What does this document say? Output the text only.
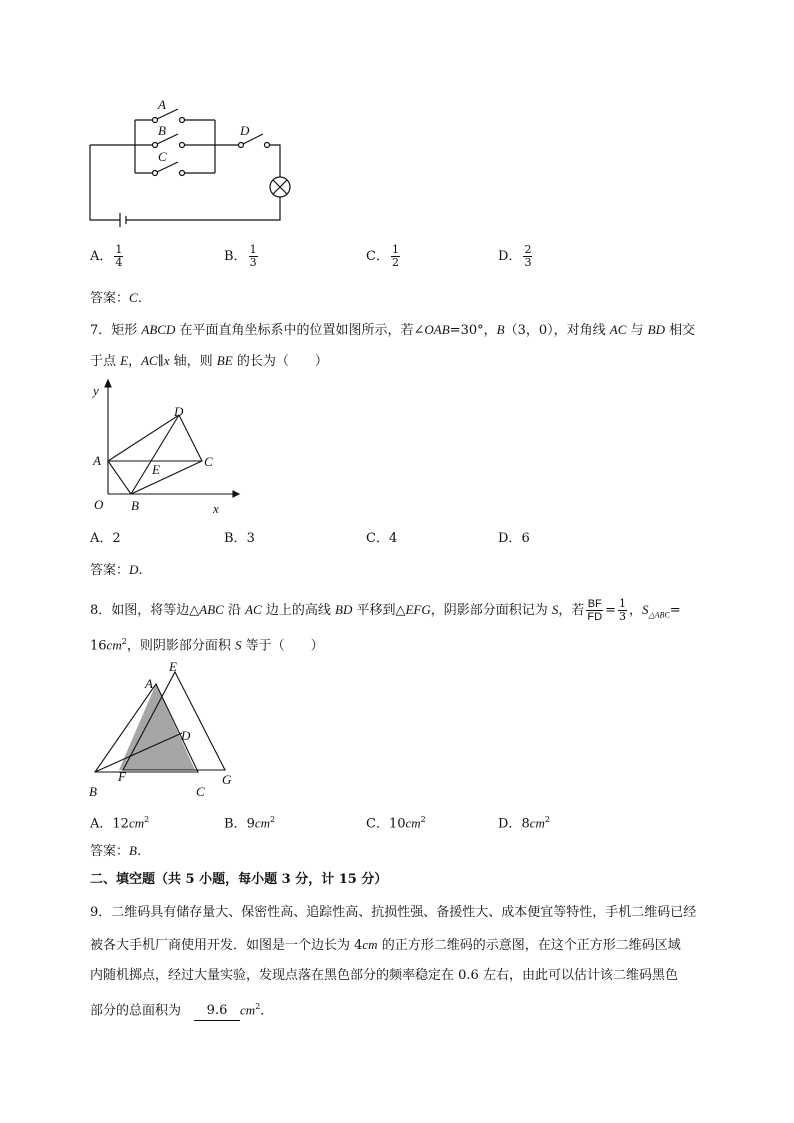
A
B
C
D
A． $\frac{1}{4}$	B． $\frac{1}{3}$	C． $\frac{1}{2}$	D． $\frac{2}{3}$
答案：C．
7．矩形 ABCD 在平面直角坐标系中的位置如图所示，若∠OAB=30°，B（3，0），对角线 AC 与 BD 相交
于点 E，AC∥x 轴，则 BE 的长为（　　）
y
x
O
A
B
C
D
E
A．2	B．3	C．4	D．6
答案：D．
8．如图，将等边△ABC 沿 AC 边上的高线 BD 平移到△EFG，阴影部分面积记为 S，若 $\frac{BF}{FD} = \frac{1}{3}$ ，$S_{\triangle ABC}=$
$16cm^2$，则阴影部分面积 S 等于（　　）
A
E
D
F
B	C
G
A．$12cm^2$	B．$9cm^2$	C．$10cm^2$	D．$8cm^2$
答案：B．
二、填空题（共 5 小题，每小题 3 分，计 15 分）
9．二维码具有储存量大、保密性高、追踪性高、抗损性强、备援性大、成本便宜等特性，手机二维码已经
被各大手机厂商使用开发．如图是一个边长为 4cm 的正方形二维码的示意图，在这个正方形二维码区域
内随机掷点，经过大量实验，发现点落在黑色部分的频率稳定在 0.6 左右，由此可以估计该二维码黑色
部分的总面积为　9.6 $cm^2$．
